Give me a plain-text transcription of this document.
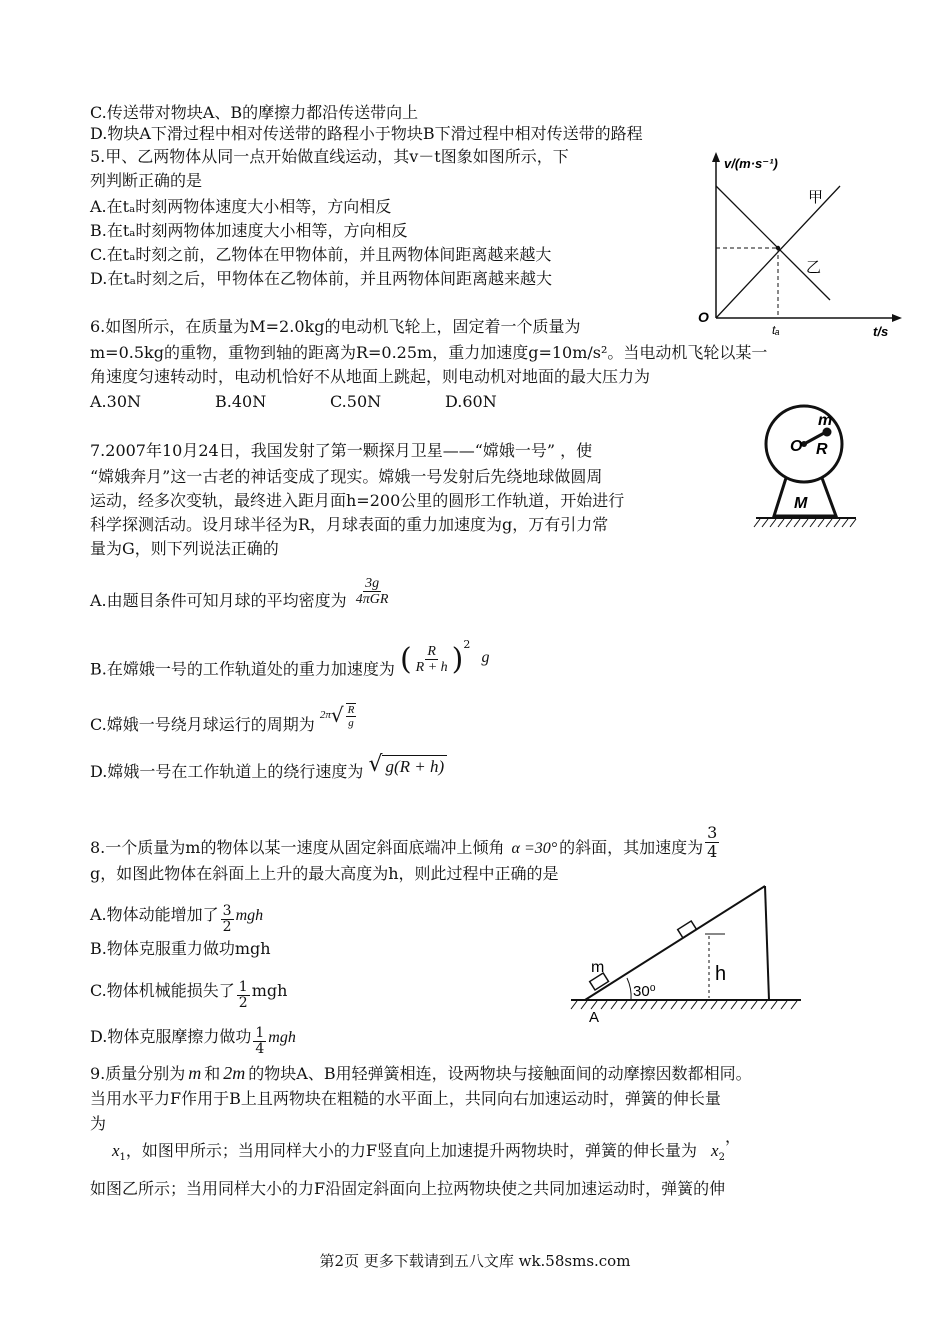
C.传送带对物块A、B的摩擦力都沿传送带向上
D.物块A下滑过程中相对传送带的路程小于物块B下滑过程中相对传送带的路程
5.甲、乙两物体从同一点开始做直线运动，其v－t图象如图所示，下
列判断正确的是
A.在tₐ时刻两物体速度大小相等，方向相反
B.在tₐ时刻两物体加速度大小相等，方向相反
C.在tₐ时刻之前，乙物体在甲物体前，并且两物体间距离越来越大
D.在tₐ时刻之后，甲物体在乙物体前，并且两物体间距离越来越大
v/(m·s⁻¹)
t/s
O
tₐ
甲
乙
6.如图所示，在质量为M=2.0kg的电动机飞轮上，固定着一个质量为
m=0.5kg的重物，重物到轴的距离为R=0.25m，重力加速度g=10m/s²。当电动机飞轮以某一
角速度匀速转动时，电动机恰好不从地面上跳起，则电动机对地面的最大压力为
A.30N	B.40N	C.50N	D.60N
m
O R
M
7.2007年10月24日，我国发射了第一颗探月卫星——“嫦娥一号” ，使
“嫦娥奔月”这一古老的神话变成了现实。嫦娥一号发射后先绕地球做圆周
运动，经多次变轨，最终进入距月面h=200公里的圆形工作轨道，开始进行
科学探测活动。设月球半径为R，月球表面的重力加速度为g，万有引力常
量为G，则下列说法正确的
A.由题目条件可知月球的平均密度为 $\frac{3g}{\text{4πGR}}$
B.在嫦娥一号的工作轨道处的重力加速度为 ( $\frac{R}{R + h} )^2$ g
C.嫦娥一号绕月球运行的周期为 $^{2\pi}√ \frac{R}{g}$
D.嫦娥一号在工作轨道上的绕行速度为 √ g(R + h)
8.一个质量为m的物体以某一速度从固定斜面底端冲上倾角 α =30° 的斜面，其加速度为 $\frac{3}{4}$
g，如图此物体在斜面上上升的最大高度为h，则此过程中正确的是
A.物体动能增加了 $\frac{3}{2}$ mgh
B.物体克服重力做功mgh
C.物体机械能损失了 $\frac{1}{2}$ mgh
D.物体克服摩擦力做功 $\frac{1}{4}$ mgh
m
30⁰
h
A
9.质量分别为 m 和 2m 的物块A、B用轻弹簧相连，设两物块与接触面间的动摩擦因数都相同。
当用水平力F作用于B上且两物块在粗糙的水平面上，共同向右加速运动时，弹簧的伸长量
为
$x_1$，如图甲所示；当用同样大小的力F竖直向上加速提升两物块时，弹簧的伸长量为 $x_2$，
如图乙所示；当用同样大小的力F沿固定斜面向上拉两物块使之共同加速运动时，弹簧的伸
第2页 更多下载请到五八文库 wk.58sms.com
